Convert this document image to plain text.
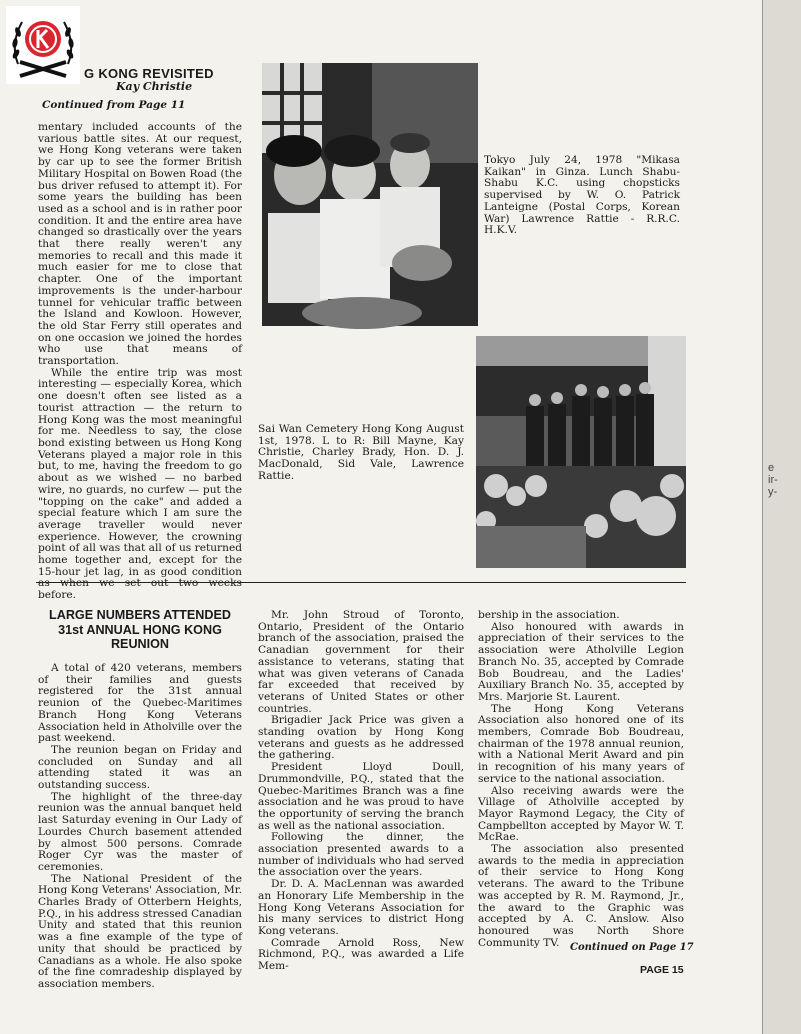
e
ir-
y-
G KONG REVISITED
Kay Christie
Continued from Page 11

mentary included accounts of the various battle sites. At our request, we Hong Kong veterans were taken by car up to see the former British Military Hospital on Bowen Road (the bus driver refused to attempt it). For some years the building has been used as a school and is in rather poor condition. It and the entire area have changed so drastically over the years that there really weren't any memories to recall and this made it much easier for me to close that chapter. One of the important improvements is the under-harbour tunnel for vehicular traffic between the Island and Kowloon. However, the old Star Ferry still operates and on one occasion we joined the hordes who use that means of transportation.

While the entire trip was most interesting — especially Korea, which one doesn't often see listed as a tourist attraction — the return to Hong Kong was the most meaningful for me. Needless to say, the close bond existing between us Hong Kong Veterans played a major role in this but, to me, having the freedom to go about as we wished — no barbed wire, no guards, no curfew — put the "topping on the cake" and added a special feature which I am sure the average traveller would never experience. However, the crowning point of all was that all of us returned home together and, except for the 15-hour jet lag, in as good condition as when we set out two weeks before.

Tokyo July 24, 1978 "Mikasa Kaikan" in Ginza. Lunch Shabu-Shabu K.C. using chopsticks supervised by W. O. Patrick Lanteigne (Postal Corps, Korean War) Lawrence Rattie - R.R.C. H.K.V.
Sai Wan Cemetery Hong Kong August 1st, 1978. L to R: Bill Mayne, Kay Christie, Charley Brady, Hon. D. J. MacDonald, Sid Vale, Lawrence Rattie.
LARGE NUMBERS ATTENDED
31st ANNUAL HONG KONG
REUNION

A total of 420 veterans, members of their families and guests registered for the 31st annual reunion of the Quebec-Maritimes Branch Hong Kong Veterans Association held in Atholville over the past weekend.

The reunion began on Friday and concluded on Sunday and all attending stated it was an outstanding success.

The highlight of the three-day reunion was the annual banquet held last Saturday evening in Our Lady of Lourdes Church basement attended by almost 500 persons. Comrade Roger Cyr was the master of ceremonies.

The National President of the Hong Kong Veterans' Association, Mr. Charles Brady of Otterbern Heights, P.Q., in his address stressed Canadian Unity and stated that this reunion was a fine example of the type of unity that should be practiced by Canadians as a whole. He also spoke of the fine comradeship displayed by association members.

Mr. John Stroud of Toronto, Ontario, President of the Ontario branch of the association, praised the Canadian government for their assistance to veterans, stating that what was given veterans of Canada far exceeded that received by veterans of United States or other countries.

Brigadier Jack Price was given a standing ovation by Hong Kong veterans and guests as he addressed the gathering.

President Lloyd Doull, Drummondville, P.Q., stated that the Quebec-Maritimes Branch was a fine association and he was proud to have the opportunity of serving the branch as well as the national association.

Following the dinner, the association presented awards to a number of individuals who had served the association over the years.

Dr. D. A. MacLennan was awarded an Honorary Life Membership in the Hong Kong Veterans Association for his many services to district Hong Kong veterans.

Comrade Arnold Ross, New Richmond, P.Q., was awarded a Life Mem-

bership in the association.

Also honoured with awards in appreciation of their services to the association were Atholville Legion Branch No. 35, accepted by Comrade Bob Boudreau, and the Ladies' Auxiliary Branch No. 35, accepted by Mrs. Marjorie St. Laurent.

The Hong Kong Veterans Association also honored one of its members, Comrade Bob Boudreau, chairman of the 1978 annual reunion, with a National Merit Award and pin in recognition of his many years of service to the national association.

Also receiving awards were the Village of Atholville accepted by Mayor Raymond Legacy, the City of Campbellton accepted by Mayor W. T. McRae.

The association also presented awards to the media in appreciation of their service to Hong Kong veterans. The award to the Tribune was accepted by R. M. Raymond, Jr., the award to the Graphic was accepted by A. C. Anslow. Also honoured was North Shore Community TV.	Continued on Page 17
PAGE 15
